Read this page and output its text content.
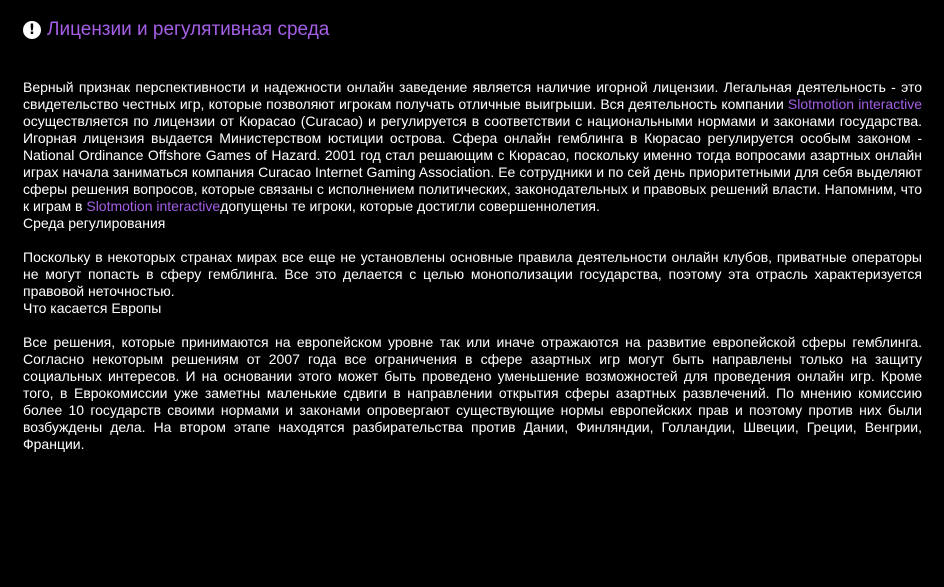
! Лицензии и регулятивная среда

Верный признак перспективности и надежности онлайн заведение является наличие игорной лицензии. Легальная деятельность - это свидетельство честных игр, которые позволяют игрокам получать отличные выигрыши. Вся деятельность компании Slotmotion interactive осуществляется по лицензии от Кюрасао (Curacao) и регулируется в соответствии с национальными нормами и законами государства. Игорная лицензия выдается Министерством юстиции острова. Сфера онлайн гемблинга в Кюрасао регулируется особым законом - National Ordinance Offshore Games of Hazard. 2001 год стал решающим с Кюрасао, поскольку именно тогда вопросами азартных онлайн играх начала заниматься компания Curacao Internet Gaming Association. Ее сотрудники и по сей день приоритетными для себя выделяют сферы решения вопросов, которые связаны с исполнением политических, законодательных и правовых решений власти. Напомним, что к играм в Slotmotion interactiveдопущены те игроки, которые достигли совершеннолетия.

Среда регулирования

Поскольку в некоторых странах мирах все еще не установлены основные правила деятельности онлайн клубов, приватные операторы не могут попасть в сферу гемблинга. Все это делается с целью монополизации государства, поэтому эта отрасль характеризуется правовой неточностью.

Что касается Европы

Все решения, которые принимаются на европейском уровне так или иначе отражаются на развитие европейской сферы гемблинга. Согласно некоторым решениям от 2007 года все ограничения в сфере азартных игр могут быть направлены только на защиту социальных интересов. И на основании этого может быть проведено уменьшение возможностей для проведения онлайн игр. Кроме того, в Еврокомиссии уже заметны маленькие сдвиги в направлении открытия сферы азартных развлечений. По мнению комиссию более 10 государств своими нормами и законами опровергают существующие нормы европейских прав и поэтому против них были возбуждены дела. На втором этапе находятся разбирательства против Дании, Финляндии, Голландии, Швеции, Греции, Венгрии, Франции.
